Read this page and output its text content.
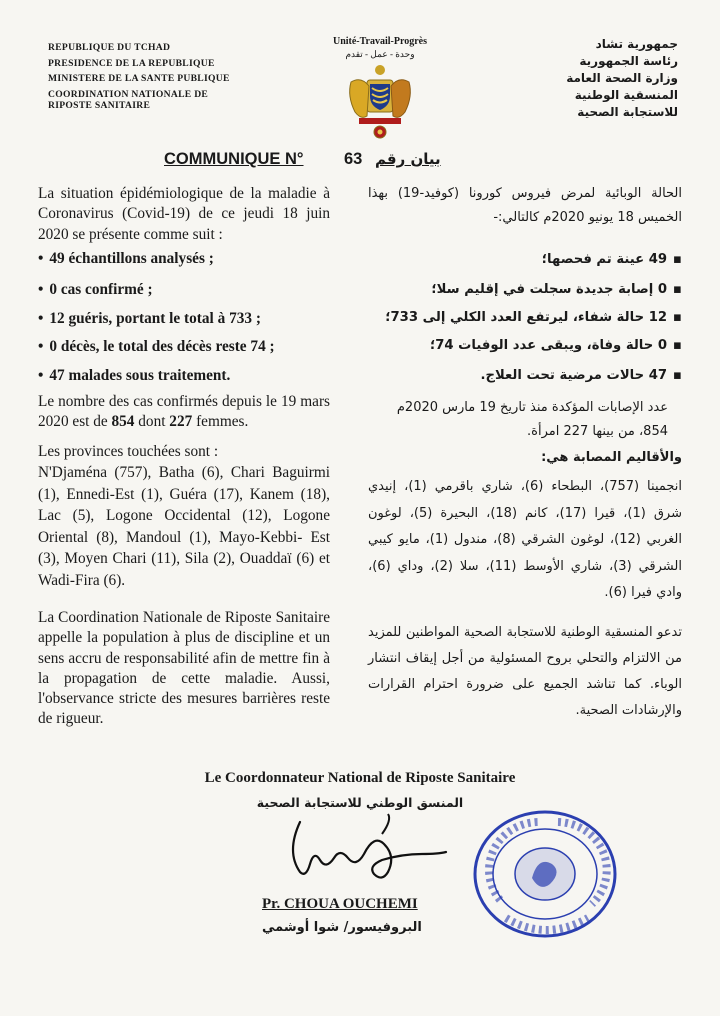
REPUBLIQUE DU TCHAD
PRESIDENCE DE LA REPUBLIQUE
MINISTERE DE LA SANTE PUBLIQUE
COORDINATION NATIONALE DE
RIPOSTE SANITAIRE
Unité-Travail-Progrès
وحدة - عمل - تقدم
جمهورية تشاد
رئاسة الجمهورية
وزارة الصحة العامة
المنسقية الوطنية
للاستجابة الصحية
COMMUNIQUE N° 63 بيان رقم
La situation épidémiologique de la maladie à Coronavirus (Covid-19) de ce jeudi 18 juin 2020 se présente comme suit :
• 49 échantillons analysés ;
• 0 cas confirmé ;
• 12 guéris, portant le total à 733 ;
• 0 décès, le total des décès reste 74 ;
• 47 malades sous traitement.
Le nombre des cas confirmés depuis le 19 mars 2020 est de 854 dont 227 femmes.
Les provinces touchées sont :
N'Djaména (757), Batha (6), Chari Baguirmi (1), Ennedi-Est (1), Guéra (17), Kanem (18), Lac (5), Logone Occidental (12), Logone Oriental (8), Mandoul (1), Mayo-Kebbi- Est (3), Moyen Chari (11), Sila (2), Ouaddaï (6) et Wadi-Fira (6).
La Coordination Nationale de Riposte Sanitaire appelle la population à plus de discipline et un sens accru de responsabilité afin de mettre fin à la propagation de cette maladie. Aussi, l'observance stricte des mesures barrières reste de rigueur.
الحالة الوبائية لمرض فيروس كورونا (كوفيد-19) بهذا الخميس 18 يونيو 2020م كالتالي:-
▪ 49 عينة تم فحصها؛
▪ 0 إصابة جديدة سجلت في إقليم سلا؛
▪ 12 حالة شفاء، ليرتفع العدد الكلي إلى 733؛
▪ 0 حالة وفاة، ويبقى عدد الوفيات 74؛
▪ 47 حالات مرضية تحت العلاج.
عدد الإصابات المؤكدة منذ تاريخ 19 مارس 2020م 854، من بينها 227 امرأة.
والأقاليم المصابة هي:
انجمينا (757)، البطحاء (6)، شاري باقرمي (1)، إنيدي شرق (1)، قيرا (17)، كانم (18)، البحيرة (5)، لوغون الغربي (12)، لوغون الشرقي (8)، مندول (1)، مايو كيبي الشرقي (3)، شاري الأوسط (11)، سلا (2)، وداي (6)، وادي فيرا (6).
تدعو المنسقية الوطنية للاستجابة الصحية المواطنين للمزيد من الالتزام والتحلي بروح المسئولية من أجل إيقاف انتشار الوباء. كما تناشد الجميع على ضرورة احترام القرارات والإرشادات الصحية.
Le Coordonnateur National de Riposte Sanitaire
المنسق الوطني للاستجابة الصحية
Pr. CHOUA OUCHEMI
البروفيسور/ شوا أوشمي
